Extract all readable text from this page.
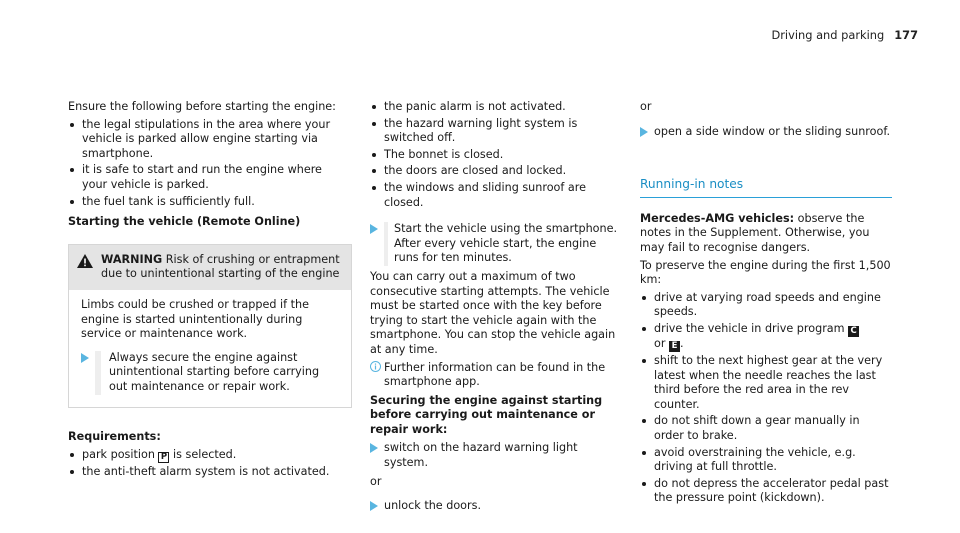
Driving and parking 177

Ensure the following before starting the engine:

the legal stipulations in the area where your vehicle is parked allow engine starting via smartphone.
it is safe to start and run the engine where your vehicle is parked.
the fuel tank is sufficiently full.
Starting the vehicle (Remote Online)
WARNING Risk of crushing or entrapment due to unintentional starting of the engine

Limbs could be crushed or trapped if the engine is started unintentionally during service or maintenance work.

Always secure the engine against unintentional starting before carrying out maintenance or repair work.
Requirements:
park position P is selected.
the anti-theft alarm system is not activated.
the panic alarm is not activated.
the hazard warning light system is switched off.
The bonnet is closed.
the doors are closed and locked.
the windows and sliding sunroof are closed.

Start the vehicle using the smartphone.

After every vehicle start, the engine runs for ten minutes.

You can carry out a maximum of two consecutive starting attempts. The vehicle must be started once with the key before trying to start the vehicle again with the smartphone. You can stop the vehicle again at any time.

Further information can be found in the smartphone app.
Securing the engine against starting before carrying out maintenance or repair work:
switch on the hazard warning light system.

or

unlock the doors.

or

open a side window or the sliding sunroof.
Running-in notes

Mercedes-AMG vehicles: observe the notes in the Supplement. Otherwise, you may fail to recognise dangers.

To preserve the engine during the first 1,500 km:

drive at varying road speeds and engine speeds.
drive the vehicle in drive program C
or E .
shift to the next highest gear at the very latest when the needle reaches the last third before the red area in the rev counter.
do not shift down a gear manually in order to brake.
avoid overstraining the vehicle, e.g. driving at full throttle.
do not depress the accelerator pedal past the pressure point (kickdown).
